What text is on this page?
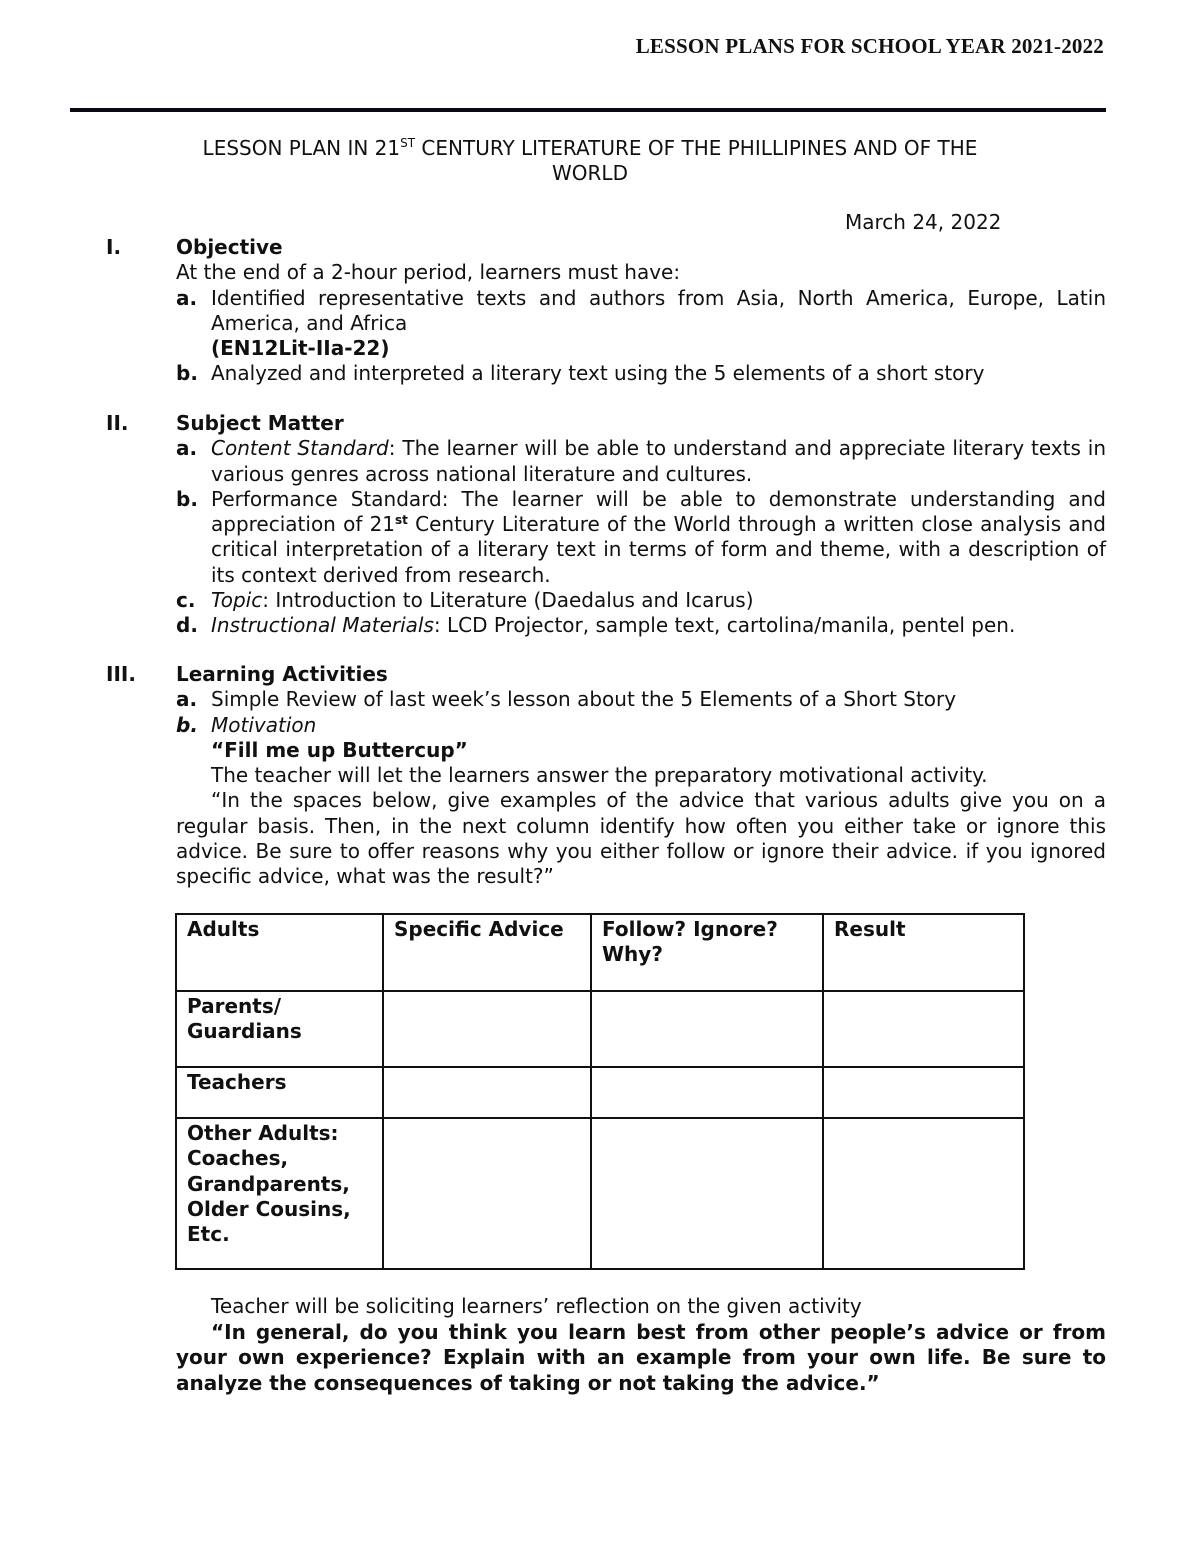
LESSON PLANS FOR SCHOOL YEAR 2021-2022
LESSON PLAN IN 21ST CENTURY LITERATURE OF THE PHILLIPINES AND OF THE
WORLD
March 24, 2022
I.	Objective
At the end of a 2-hour period, learners must have:
a. Identified representative texts and authors from Asia, North America, Europe, Latin America, and Africa
(EN12Lit-IIa-22)
b. Analyzed and interpreted a literary text using the 5 elements of a short story
II. Subject Matter
a. Content Standard: The learner will be able to understand and appreciate literary texts in various genres across national literature and cultures.
b. Performance Standard: The learner will be able to demonstrate understanding and appreciation of 21st Century Literature of the World through a written close analysis and critical interpretation of a literary text in terms of form and theme, with a description of its context derived from research.
c. Topic: Introduction to Literature (Daedalus and Icarus)
d. Instructional Materials: LCD Projector, sample text, cartolina/manila, pentel pen.
III. Learning Activities
a. Simple Review of last week’s lesson about the 5 Elements of a Short Story
b. Motivation
“Fill me up Buttercup”
The teacher will let the learners answer the preparatory motivational activity.
“In the spaces below, give examples of the advice that various adults give you on a regular basis. Then, in the next column identify how often you either take or ignore this advice. Be sure to offer reasons why you either follow or ignore their advice. if you ignored specific advice, what was the result?”
Adults	Specific Advice	Follow? Ignore? Why?	Result
Parents/ Guardians			
Teachers			
Other Adults: Coaches, Grandparents, Older Cousins, Etc.			
Teacher will be soliciting learners’ reflection on the given activity
“In general, do you think you learn best from other people’s advice or from your own experience? Explain with an example from your own life. Be sure to analyze the consequences of taking or not taking the advice.”
